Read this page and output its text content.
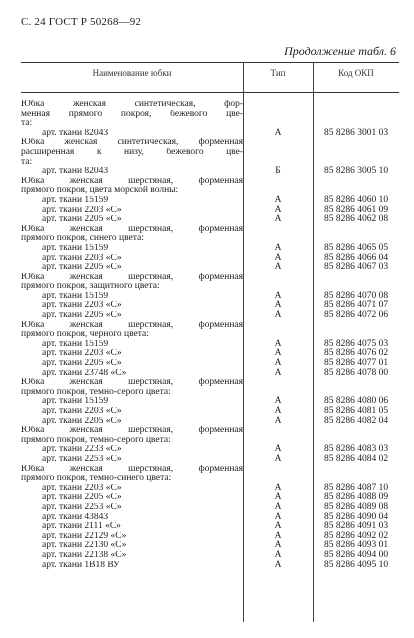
С. 24 ГОСТ Р 50268—92
Продолжение табл. 6
Наименование юбки	Тип	Код ОКП
Юбка женская синтетическая, фор-
менная прямого покроя, бежевого цве-
та:
арт. ткани 82043	А	85 8286 3001 03
Юбка женская синтетическая, форменная
расширенная к низу, бежевого цве-
та:
арт. ткани 82043	Б	85 8286 3005 10
Юбка женская шерстяная, форменная
прямого покроя, цвета морской волны:
арт. ткани 15159	А	85 8286 4060 10
арт. ткани 2203 «С»	А	85 8286 4061 09
арт. ткани 2205 «С»	А	85 8286 4062 08
Юбка женская шерстяная, форменная
прямого покроя, синего цвета:
арт. ткани 15159	А	85 8286 4065 05
арт. ткани 2203 «С»	А	85 8286 4066 04
арт. ткани 2205 «С»	А	85 8286 4067 03
Юбка женская шерстяная, форменная
прямого покроя, защитного цвета:
арт. ткани 15159	А	85 8286 4070 08
арт. ткани 2203 «С»	А	85 8286 4071 07
арт. ткани 2205 «С»	А	85 8286 4072 06
Юбка женская шерстяная, форменная
прямого покроя, черного цвета:
арт. ткани 15159	А	85 8286 4075 03
арт. ткани 2203 «С»	А	85 8286 4076 02
арт. ткани 2205 «С»	А	85 8286 4077 01
арт. ткани 23748 «С»	А	85 8286 4078 00
Юбка женская шерстяная, форменная
прямого покроя, темно-серого цвета:
арт. ткани 15159	А	85 8286 4080 06
арт. ткани 2203 «С»	А	85 8286 4081 05
арт. ткани 2205 «С»	А	85 8286 4082 04
Юбка женская шерстяная, форменная
прямого покроя, темно-серого цвета:
арт. ткани 2233 «С»	А	85 8286 4083 03
арт. ткани 2253 «С»	А	85 8286 4084 02
Юбка женская шерстяная, форменная
прямого покроя, темно-синего цвета:
арт. ткани 2203 «С»	А	85 8286 4087 10
арт. ткани 2205 «С»	А	85 8286 4088 09
арт. ткани 2253 «С»	А	85 8286 4089 08
арт. ткани 43843	А	85 8286 4090 04
арт. ткани 2111 «С»	А	85 8286 4091 03
арт. ткани 22129 «С»	А	85 8286 4092 02
арт. ткани 22130 «С»	А	85 8286 4093 01
арт. ткани 22138 «С»	А	85 8286 4094 00
арт. ткани 1В18 ВУ	А	85 8286 4095 10
